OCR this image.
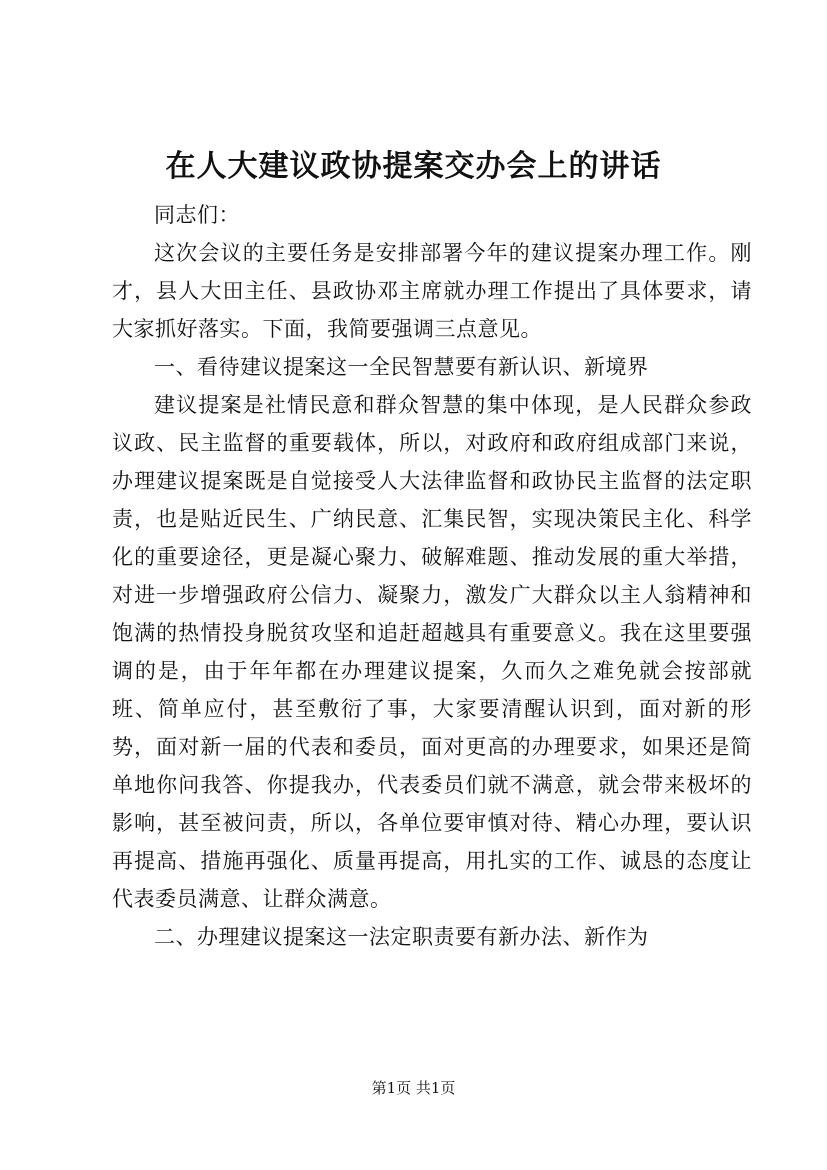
在人大建议政协提案交办会上的讲话

同志们：

这次会议的主要任务是安排部署今年的建议提案办理工作。刚才，县人大田主任、县政协邓主席就办理工作提出了具体要求，请大家抓好落实。下面，我简要强调三点意见。

一、看待建议提案这一全民智慧要有新认识、新境界

建议提案是社情民意和群众智慧的集中体现，是人民群众参政议政、民主监督的重要载体，所以，对政府和政府组成部门来说，办理建议提案既是自觉接受人大法律监督和政协民主监督的法定职责，也是贴近民生、广纳民意、汇集民智，实现决策民主化、科学化的重要途径，更是凝心聚力、破解难题、推动发展的重大举措，对进一步增强政府公信力、凝聚力，激发广大群众以主人翁精神和饱满的热情投身脱贫攻坚和追赶超越具有重要意义。我在这里要强调的是，由于年年都在办理建议提案，久而久之难免就会按部就班、简单应付，甚至敷衍了事，大家要清醒认识到，面对新的形势，面对新一届的代表和委员，面对更高的办理要求，如果还是简单地你问我答、你提我办，代表委员们就不满意，就会带来极坏的影响，甚至被问责，所以，各单位要审慎对待、精心办理，要认识再提高、措施再强化、质量再提高，用扎实的工作、诚恳的态度让代表委员满意、让群众满意。

二、办理建议提案这一法定职责要有新办法、新作为

第1页 共1页
